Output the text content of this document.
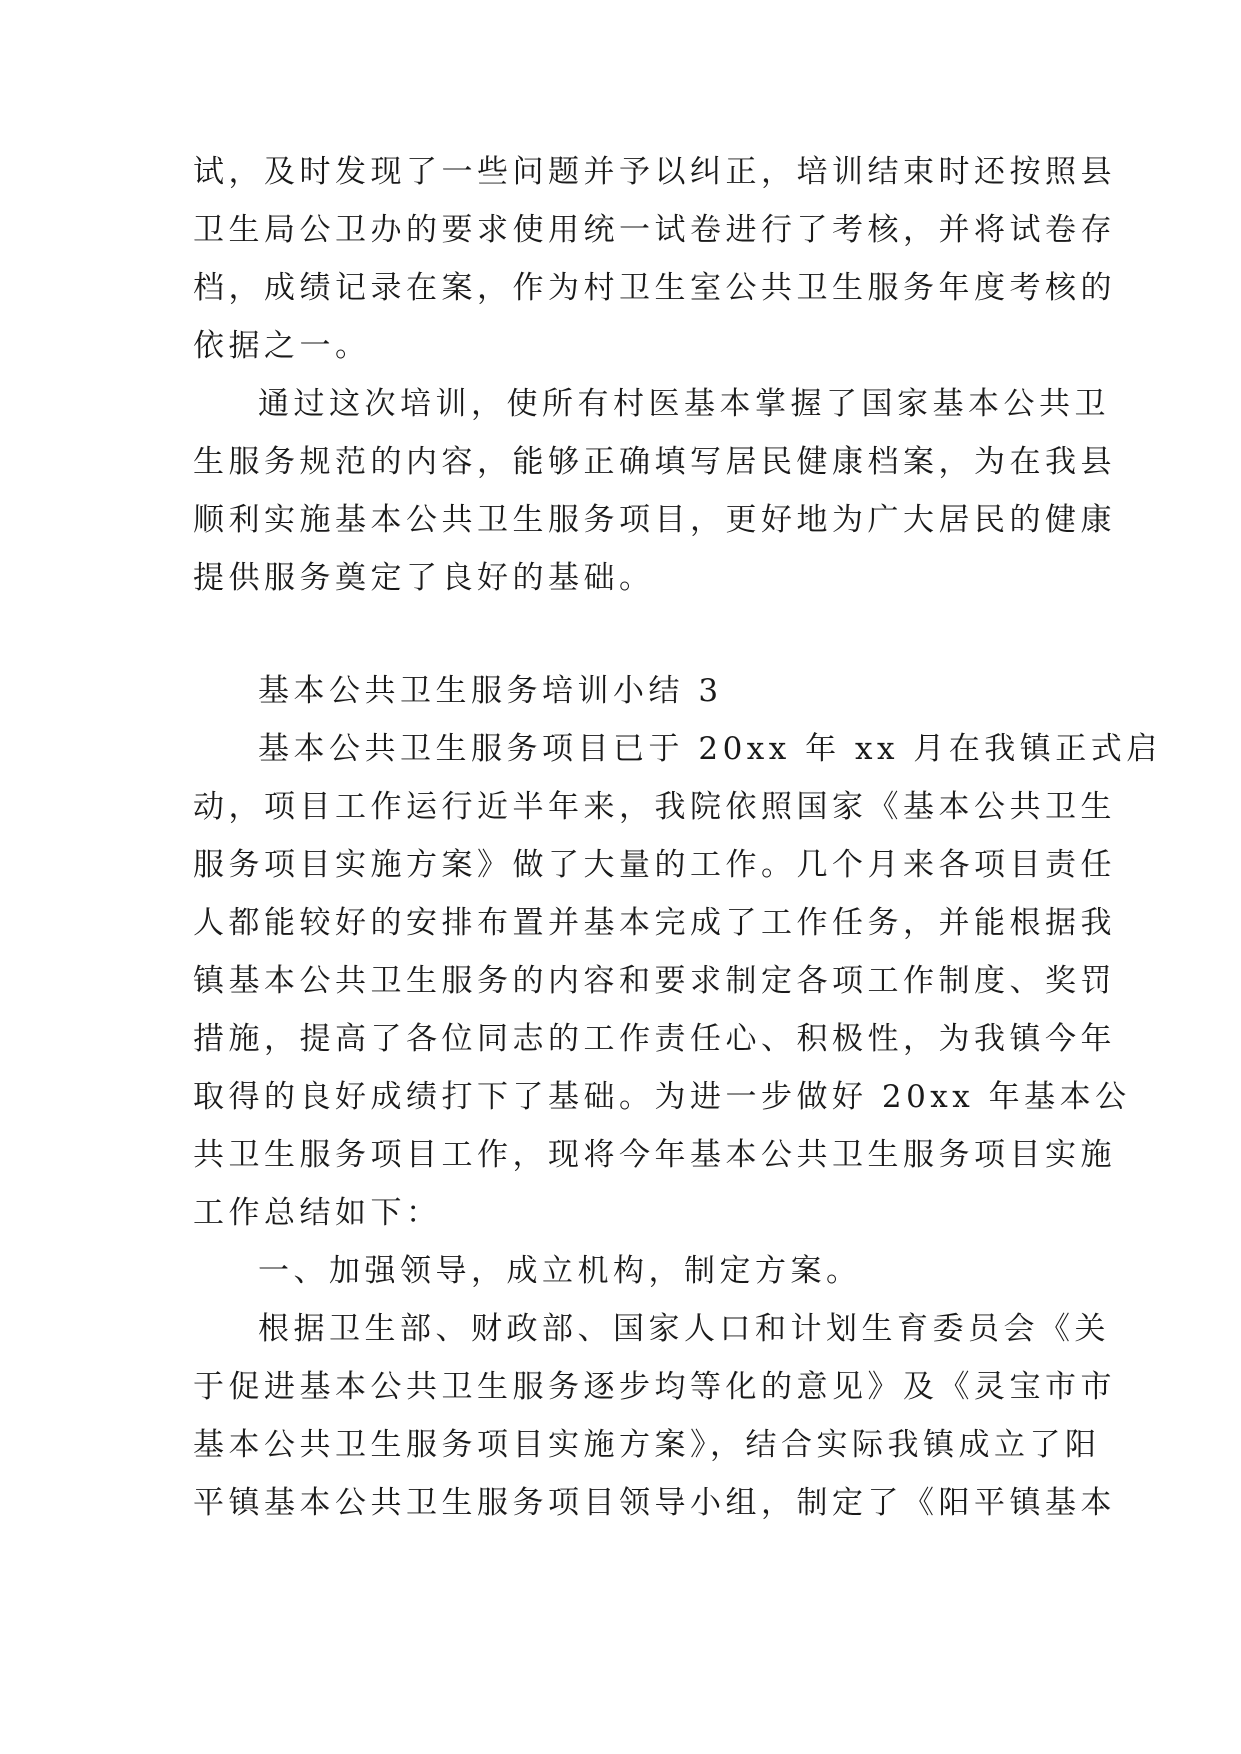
试，及时发现了一些问题并予以纠正，培训结束时还按照县
卫生局公卫办的要求使用统一试卷进行了考核，并将试卷存
档，成绩记录在案，作为村卫生室公共卫生服务年度考核的
依据之一。
通过这次培训，使所有村医基本掌握了国家基本公共卫
生服务规范的内容，能够正确填写居民健康档案，为在我县
顺利实施基本公共卫生服务项目，更好地为广大居民的健康
提供服务奠定了良好的基础。
基本公共卫生服务培训小结 3
基本公共卫生服务项目已于 20xx 年 xx 月在我镇正式启
动，项目工作运行近半年来，我院依照国家《基本公共卫生
服务项目实施方案》做了大量的工作。几个月来各项目责任
人都能较好的安排布置并基本完成了工作任务，并能根据我
镇基本公共卫生服务的内容和要求制定各项工作制度、奖罚
措施，提高了各位同志的工作责任心、积极性，为我镇今年
取得的良好成绩打下了基础。为进一步做好 20xx 年基本公
共卫生服务项目工作，现将今年基本公共卫生服务项目实施
工作总结如下：
一、加强领导，成立机构，制定方案。
根据卫生部、财政部、国家人口和计划生育委员会《关
于促进基本公共卫生服务逐步均等化的意见》及《灵宝市市
基本公共卫生服务项目实施方案》，结合实际我镇成立了阳
平镇基本公共卫生服务项目领导小组，制定了《阳平镇基本
